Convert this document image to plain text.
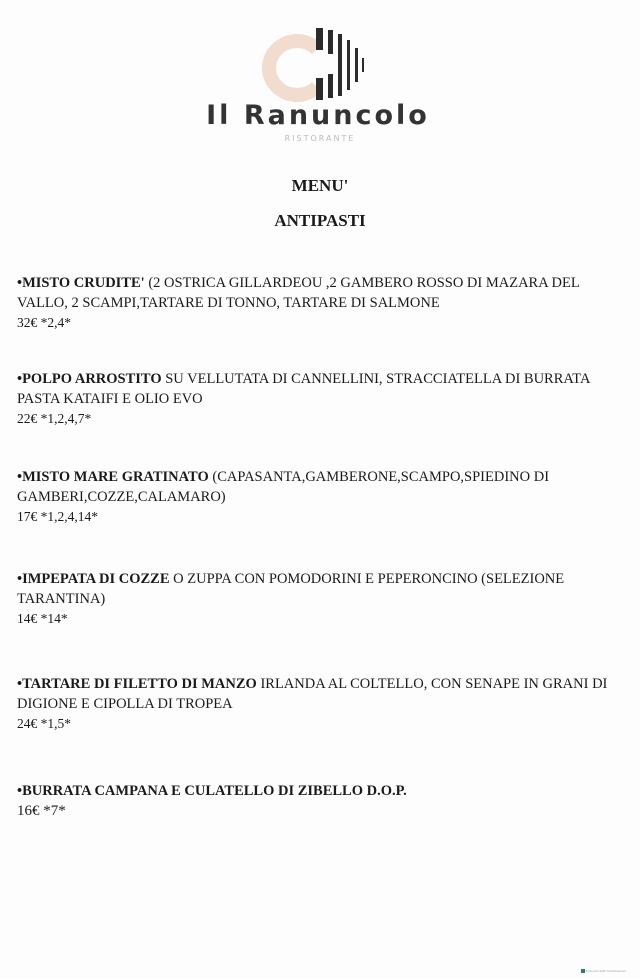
Il Ranuncolo
RISTORANTE
MENU'
ANTIPASTI
•MISTO CRUDITE' (2 OSTRICA GILLARDEOU ,2 GAMBERO ROSSO DI MAZARA DEL VALLO, 2 SCAMPI,TARTARE DI TONNO, TARTARE DI SALMONE
32€ *2,4*
•POLPO ARROSTITO SU VELLUTATA DI CANNELLINI, STRACCIATELLA DI BURRATA PASTA KATAIFI E OLIO EVO
22€ *1,2,4,7*
•MISTO MARE GRATINATO (CAPASANTA,GAMBERONE,SCAMPO,SPIEDINO DI GAMBERI,COZZE,CALAMARO)
17€ *1,2,4,14*
•IMPEPATA DI COZZE O ZUPPA CON POMODORINI E PEPERONCINO (SELEZIONE TARANTINA)
14€ *14*
•TARTARE DI FILETTO DI MANZO IRLANDA AL COLTELLO, CON SENAPE IN GRANI DI DIGIONE E CIPOLLA DI TROPEA
24€ *1,5*
•BURRATA CAMPANA E CULATELLO DI ZIBELLO D.O.P.
16€ *7*
Scanned with CamScanner
